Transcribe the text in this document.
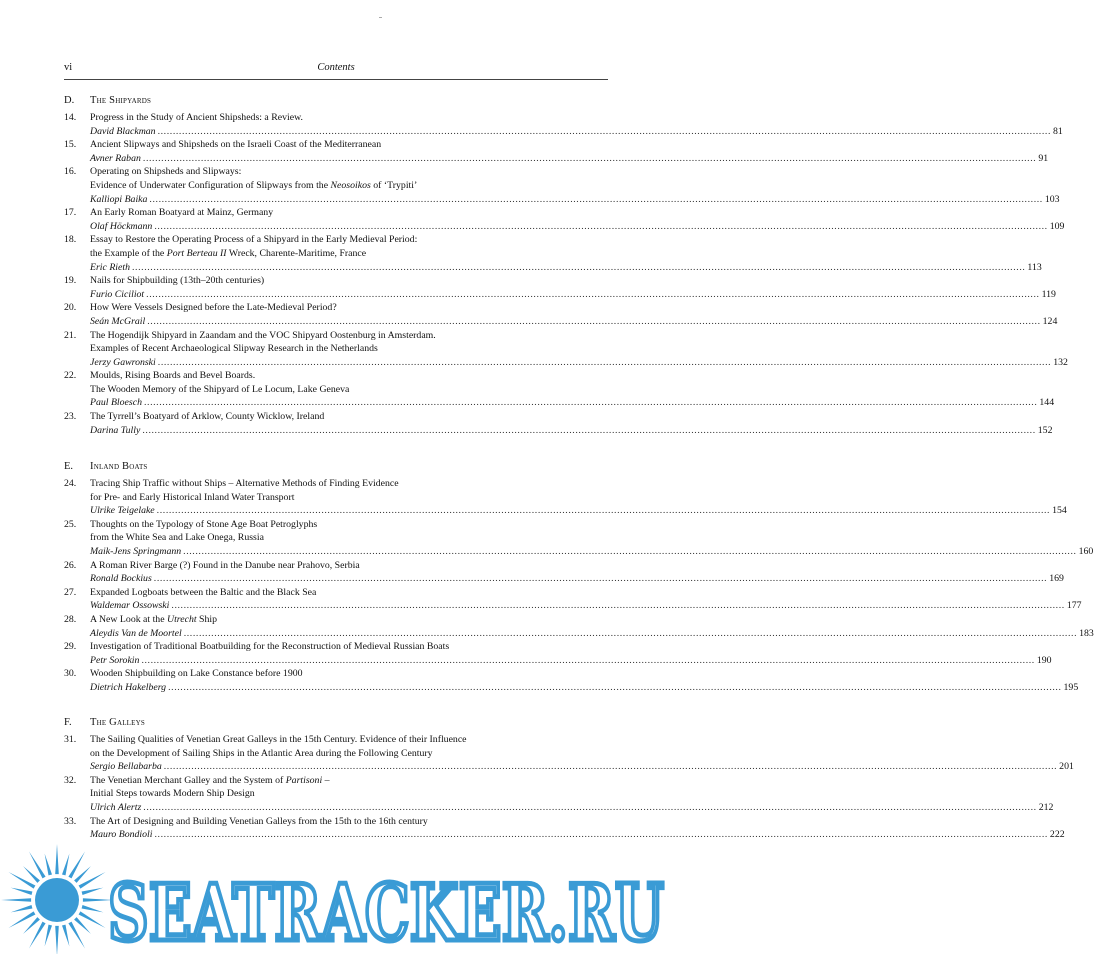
vi	Contents
D. The Shipyards
14. Progress in the Study of Ancient Shipsheds: a Review.
David Blackman .....	81
15. Ancient Slipways and Shipsheds on the Israeli Coast of the Mediterranean
Avner Raban .....	91
16. Operating on Shipsheds and Slipways:
Evidence of Underwater Configuration of Slipways from the Neosoikos of ‘Trypiti’
Kalliopi Baika .....	103
17. An Early Roman Boatyard at Mainz, Germany
Olaf Höckmann .....	109
18. Essay to Restore the Operating Process of a Shipyard in the Early Medieval Period:
the Example of the Port Berteau II Wreck, Charente-Maritime, France
Eric Rieth .....	113
19. Nails for Shipbuilding (13th–20th centuries)
Furio Ciciliot .....	119
20. How Were Vessels Designed before the Late-Medieval Period?
Seán McGrail .....	124
21. The Hogendijk Shipyard in Zaandam and the VOC Shipyard Oostenburg in Amsterdam.
Examples of Recent Archaeological Slipway Research in the Netherlands
Jerzy Gawronski .....	132
22. Moulds, Rising Boards and Bevel Boards.
The Wooden Memory of the Shipyard of Le Locum, Lake Geneva
Paul Bloesch .....	144
23. The Tyrrell’s Boatyard of Arklow, County Wicklow, Ireland
Darina Tully .....	152
E. Inland Boats
24. Tracing Ship Traffic without Ships – Alternative Methods of Finding Evidence
for Pre- and Early Historical Inland Water Transport
Ulrike Teigelake .....	154
25. Thoughts on the Typology of Stone Age Boat Petroglyphs
from the White Sea and Lake Onega, Russia
Maik-Jens Springmann .....	160
26. A Roman River Barge (?) Found in the Danube near Prahovo, Serbia
Ronald Bockius .....	169
27. Expanded Logboats between the Baltic and the Black Sea
Waldemar Ossowski .....	177
28. A New Look at the Utrecht Ship
Aleydis Van de Moortel .....	183
29. Investigation of Traditional Boatbuilding for the Reconstruction of Medieval Russian Boats
Petr Sorokin .....	190
30. Wooden Shipbuilding on Lake Constance before 1900
Dietrich Hakelberg .....	195
F. The Galleys
31. The Sailing Qualities of Venetian Great Galleys in the 15th Century. Evidence of their Influence
on the Development of Sailing Ships in the Atlantic Area during the Following Century
Sergio Bellabarba .....	201
32. The Venetian Merchant Galley and the System of Partisoni –
Initial Steps towards Modern Ship Design
Ulrich Alertz .....	212
33. The Art of Designing and Building Venetian Galleys from the 15th to the 16th century
Mauro Bondioli .....	222
SEATRACKER.RU
